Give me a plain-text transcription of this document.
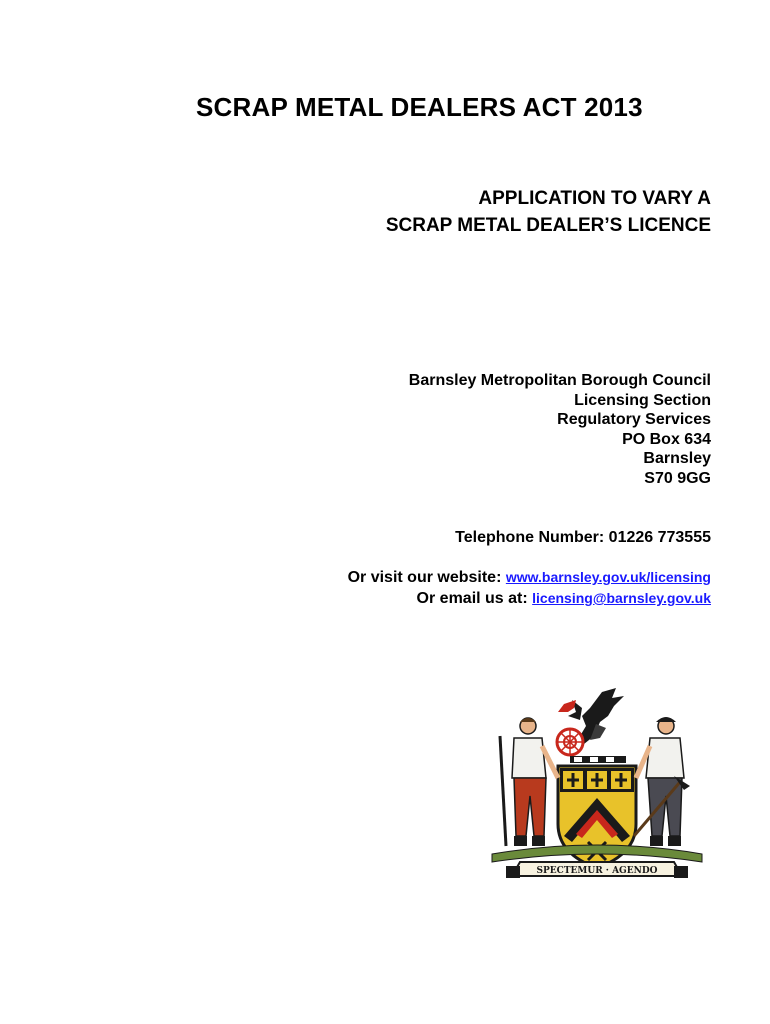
SCRAP METAL DEALERS ACT 2013
APPLICATION TO VARY A
SCRAP METAL DEALER’S LICENCE
Barnsley Metropolitan Borough Council
Licensing Section
Regulatory Services
PO Box 634
Barnsley
S70 9GG
Telephone Number: 01226 773555
Or visit our website: www.barnsley.gov.uk/licensing
Or email us at: licensing@barnsley.gov.uk
SPECTEMUR · AGENDO
